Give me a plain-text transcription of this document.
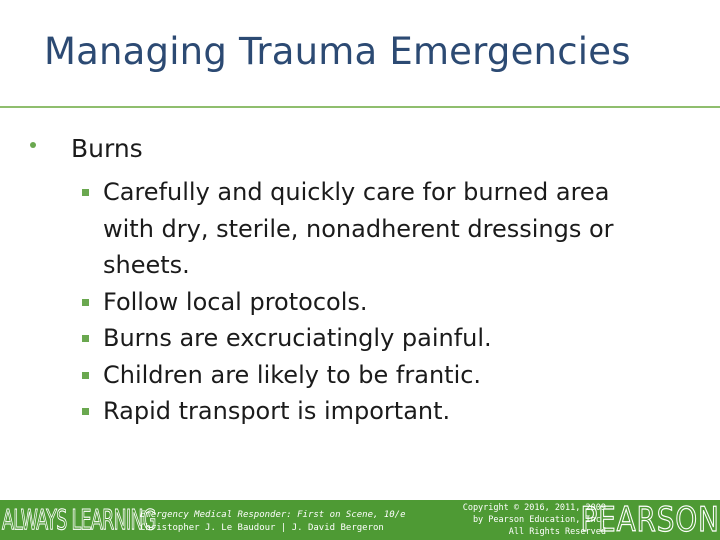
Managing Trauma Emergencies
Burns
Carefully and quickly care for burned area with dry, sterile, nonadherent dressings or sheets.
Follow local protocols.
Burns are excruciatingly painful.
Children are likely to be frantic.
Rapid transport is important.
ALWAYS LEARNING
Emergency Medical Responder: First on Scene, 10/e
Christopher J. Le Baudour | J. David Bergeron
Copyright © 2016, 2011, 2009
by Pearson Education, Inc.
All Rights Reserved
PEARSON
